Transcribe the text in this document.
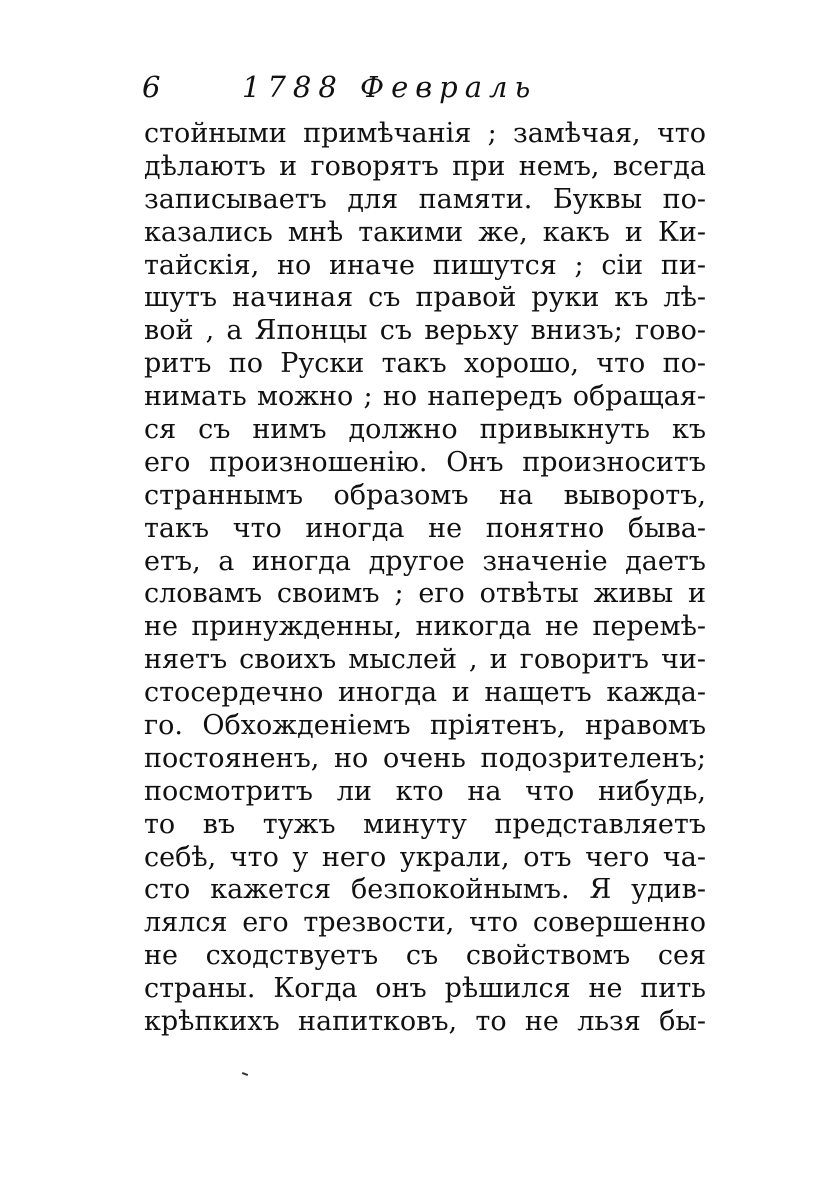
6	1788 Февраль
стойными примѣчанія ; замѣчая, что
дѣлаютъ и говорятъ при немъ, всегда
записываетъ для памяти. Буквы по-
казались мнѣ такими же, какъ и Ки-
тайскія, но иначе пишутся ; сіи пи-
шутъ начиная съ правой руки къ лѣ-
вой , а Японцы съ верьху внизъ; гово-
ритъ по Руски такъ хорошо, что по-
нимать можно ; но напередъ обращая-
ся съ нимъ должно привыкнуть къ
его произношенію. Онъ произноситъ
страннымъ образомъ на выворотъ,
такъ что иногда не понятно быва-
етъ, а иногда другое значеніе даетъ
словамъ своимъ ; его отвѣты живы и
не принужденны, никогда не перемѣ-
няетъ своихъ мыслей , и говоритъ чи-
стосердечно иногда и нащетъ каждa-
го. Обхожденіемъ пріятенъ, нравомъ
постояненъ, но очень подозрителенъ;
посмотритъ ли кто на что нибудь,
то въ тужъ минуту представляетъ
себѣ, что у него украли, отъ чего ча-
сто кажется безпокойнымъ. Я удив-
лялся его трезвости, что совершенно
не сходствуетъ съ свойствомъ сея
страны. Когда онъ рѣшился не пить
крѣпкихъ напитковъ, то не льзя бы-
